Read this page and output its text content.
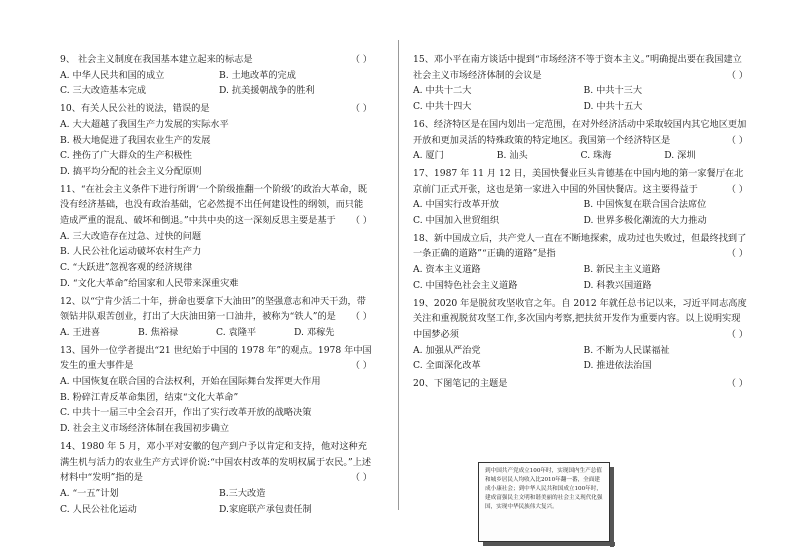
9、 社会主义制度在我国基本建立起来的标志是	（ ）
A. 中华人民共和国的成立	B. 土地改革的完成
C. 三大改造基本完成	D. 抗美援朝战争的胜利
10、有关人民公社的说法，错误的是	（ ）
A. 大大超越了我国生产力发展的实际水平
B. 极大地促进了我国农业生产的发展
C. 挫伤了广大群众的生产积极性
D. 搞平均分配的社会主义分配原则
11、“在社会主义条件下进行所谓‘一个阶级推翻一个阶级’的政治大革命，既没有经济基础，也没有政治基础，它必然提不出任何建设性的纲领，而只能造成严重的混乱、破坏和倒退。”中共中央的这一深刻反思主要是基于 （ ）
A. 三大改造存在过急、过快的问题
B. 人民公社化运动破坏农村生产力
C. “大跃进”忽视客观的经济规律
D. “文化大革命”给国家和人民带来深重灾难
12、以“宁肯少活二十年，拼命也要拿下大油田”的坚强意志和冲天干劲，带领钻井队艰苦创业，打出了大庆油田第一口油井，被称为“铁人”的是 （ ）
A. 王进喜	B. 焦裕禄	C. 袁隆平	D. 邓稼先
13、国外一位学者提出“21 世纪始于中国的 1978 年”的观点。1978 年中国发生的重大事件是	（ ）
A. 中国恢复在联合国的合法权利，开始在国际舞台发挥更大作用
B. 粉碎江青反革命集团，结束“文化大革命”
C. 中共十一届三中全会召开，作出了实行改革开放的战略决策
D. 社会主义市场经济体制在我国初步确立
14、1980 年 5 月，邓小平对安徽的包产到户予以肯定和支持，他对这种充满生机与活力的农业生产方式评价说:“中国农村改革的发明权属于农民。”上述材料中“发明”指的是	（ ）
A. “一五”计划	B.三大改造
C. 人民公社化运动	D.家庭联产承包责任制
15、邓小平在南方谈话中提到“市场经济不等于资本主义。”明确提出要在我国建立社会主义市场经济体制的会议是	（ ）
A. 中共十二大	B. 中共十三大
C. 中共十四大	D. 中共十五大
16、经济特区是在国内划出一定范围，在对外经济活动中采取较国内其它地区更加开放和更加灵活的特殊政策的特定地区。我国第一个经济特区是	（ ）
A. 厦门	B. 汕头	C. 珠海	D. 深圳
17、1987 年 11 月 12 日，美国快餐业巨头肯德基在中国内地的第一家餐厅在北京前门正式开张，这也是第一家进入中国的外国快餐店。这主要得益于	（ ）
A. 中国实行改革开放	B. 中国恢复在联合国合法席位
C. 中国加入世贸组织	D. 世界多极化潮流的大力推动
18、新中国成立后，共产党人一直在不断地探索，成功过也失败过，但最终找到了一条正确的道路”“正确的道路”是指	（ ）
A. 资本主义道路	B. 新民主主义道路
C. 中国特色社会主义道路	D. 科教兴国道路
19、2020 年是脱贫攻坚收官之年。自 2012 年就任总书记以来，习近平同志高度关注和重视脱贫攻坚工作,多次国内考察,把扶贫开发作为重要内容。以上说明实现中国梦必须	（ ）
A. 加强从严治党	B. 不断为人民谋福祉
C. 全面深化改革	D. 推进依法治国
20、下图笔记的主题是	（ ）
到中国共产党成立100年时，实现国内生产总值和城乡居民人均收入比2010年翻一番，全面建成小康社会；到中华人民共和国成立100年时，建成富强民主文明和谐美丽的社会主义现代化强国，实现中华民族伟大复兴。
